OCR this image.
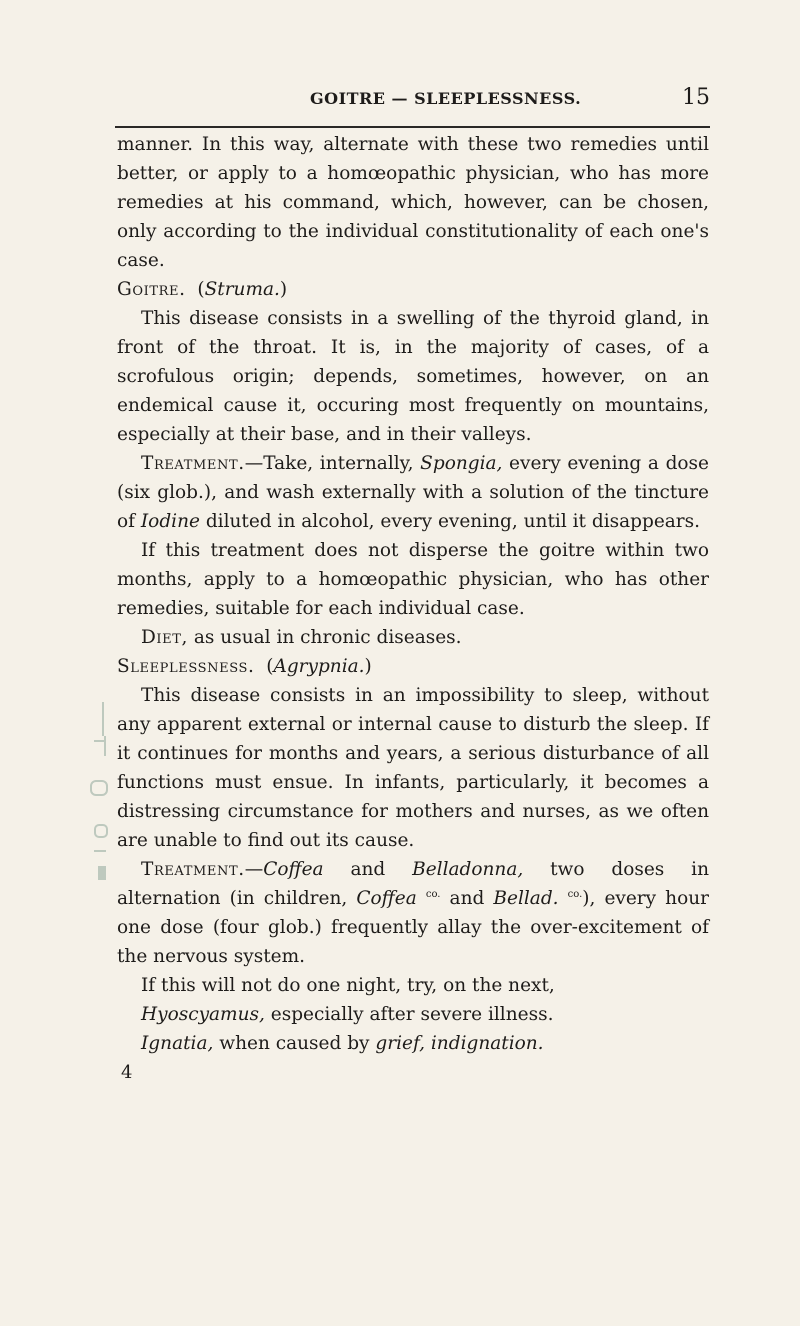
GOITRE — SLEEPLESSNESS.	15

manner. In this way, alternate with these two remedies until better, or apply to a homœopathic physician, who has more remedies at his command, which, however, can be chosen, only according to the individual constitutionality of each one's case.

Goitre.  (Struma.)

This disease consists in a swelling of the thyroid gland, in front of the throat. It is, in the majority of cases, of a scrofulous origin; depends, sometimes, however, on an endemical cause it, occuring most frequently on mountains, especially at their base, and in their valleys.

Treatment.—Take, internally, Spongia, every evening a dose (six glob.), and wash externally with a solution of the tincture of Iodine diluted in alcohol, every evening, until it disappears.

If this treatment does not disperse the goitre within two months, apply to a homœopathic physician, who has other remedies, suitable for each individual case.

Diet, as usual in chronic diseases.

Sleeplessness.  (Agrypnia.)

This disease consists in an impossibility to sleep, without any apparent external or internal cause to disturb the sleep. If it continues for months and years, a serious disturbance of all functions must ensue. In infants, particularly, it becomes a distressing circumstance for mothers and nurses, as we often are unable to find out its cause.

Treatment.—Coffea and Belladonna, two doses in alternation (in children, Coffea $^{co.}$ and Bellad. $^{co.}$), every hour one dose (four glob.) frequently allay the over-excitement of the nervous system.

If this will not do one night, try, on the next,

Hyoscyamus, especially after severe illness.

Ignatia, when caused by grief, indignation.

4
